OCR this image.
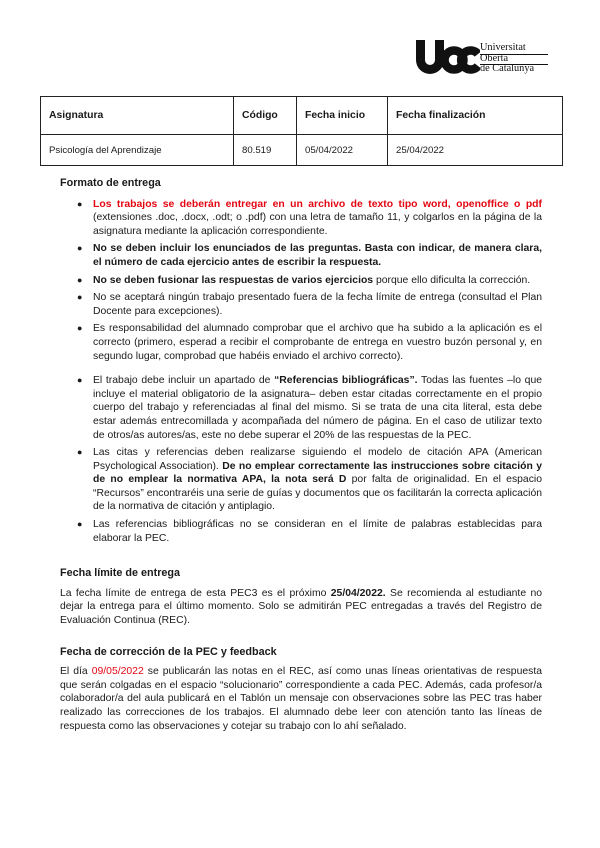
Universitat
Oberta
de Catalunya
Asignatura	Código	Fecha inicio	Fecha finalización
Psicología del Aprendizaje	80.519	05/04/2022	25/04/2022
Formato de entrega
● Los trabajos se deberán entregar en un archivo de texto tipo word, openoffice o pdf (extensiones .doc, .docx, .odt; o .pdf) con una letra de tamaño 11, y colgarlos en la página de la asignatura mediante la aplicación correspondiente.
● No se deben incluir los enunciados de las preguntas. Basta con indicar, de manera clara, el número de cada ejercicio antes de escribir la respuesta.
● No se deben fusionar las respuestas de varios ejercicios porque ello dificulta la corrección.
● No se aceptará ningún trabajo presentado fuera de la fecha límite de entrega (consultad el Plan Docente para excepciones).
● Es responsabilidad del alumnado comprobar que el archivo que ha subido a la aplicación es el correcto (primero, esperad a recibir el comprobante de entrega en vuestro buzón personal y, en segundo lugar, comprobad que habéis enviado el archivo correcto).
● El trabajo debe incluir un apartado de “Referencias bibliográficas”. Todas las fuentes –lo que incluye el material obligatorio de la asignatura– deben estar citadas correctamente en el propio cuerpo del trabajo y referenciadas al final del mismo. Si se trata de una cita literal, esta debe estar además entrecomillada y acompañada del número de página. En el caso de utilizar texto de otros/as autores/as, este no debe superar el 20% de las respuestas de la PEC.
● Las citas y referencias deben realizarse siguiendo el modelo de citación APA (American Psychological Association). De no emplear correctamente las instrucciones sobre citación y de no emplear la normativa APA, la nota será D por falta de originalidad. En el espacio “Recursos” encontraréis una serie de guías y documentos que os facilitarán la correcta aplicación de la normativa de citación y antiplagio.
● Las referencias bibliográficas no se consideran en el límite de palabras establecidas para elaborar la PEC.
Fecha límite de entrega

La fecha límite de entrega de esta PEC3 es el próximo 25/04/2022. Se recomienda al estudiante no dejar la entrega para el último momento. Solo se admitirán PEC entregadas a través del Registro de Evaluación Continua (REC).

Fecha de corrección de la PEC y feedback

El día 09/05/2022 se publicarán las notas en el REC, así como unas líneas orientativas de respuesta que serán colgadas en el espacio “solucionario” correspondiente a cada PEC. Además, cada profesor/a colaborador/a del aula publicará en el Tablón un mensaje con observaciones sobre las PEC tras haber realizado las correcciones de los trabajos. El alumnado debe leer con atención tanto las líneas de respuesta como las observaciones y cotejar su trabajo con lo ahí señalado.
